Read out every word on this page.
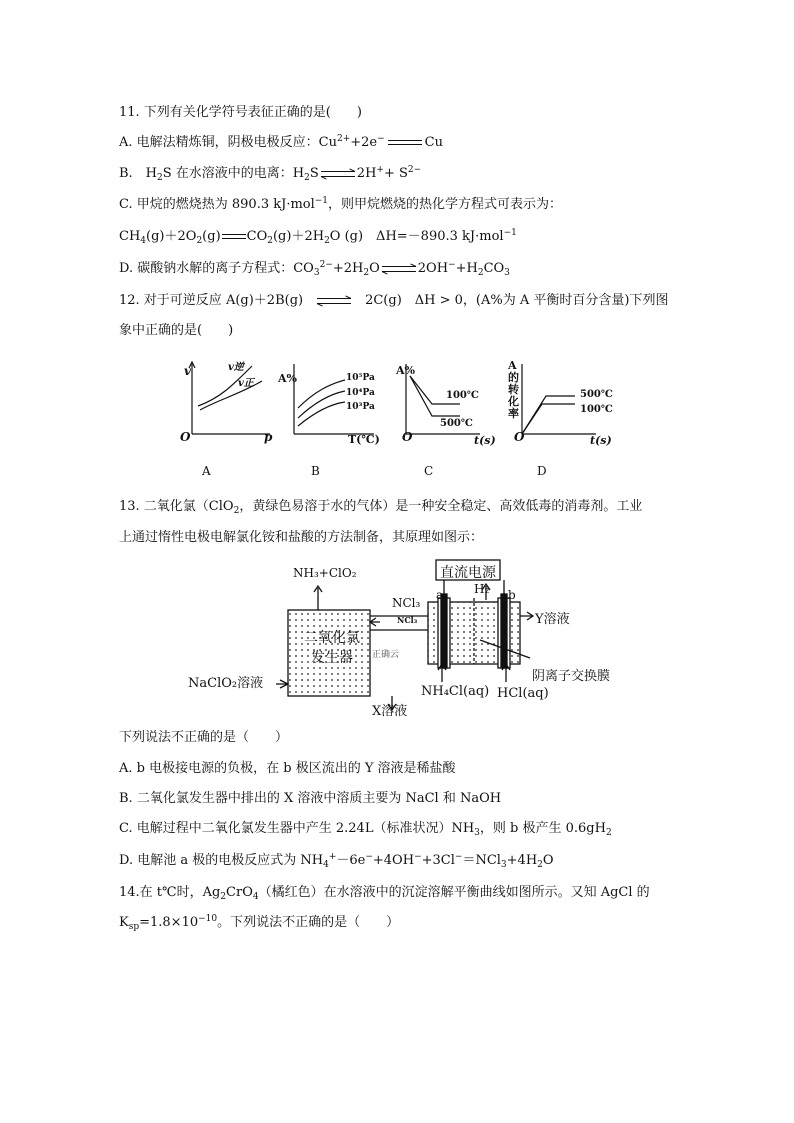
11. 下列有关化学符号表征正确的是(　　)
A. 电解法精炼铜，阴极电极反应：$Cu^{2+}+2e^-$	Cu
B.　$H_2S$ 在水溶液中的电离：$H_2S$	$2H^++ S^{2-}$
C. 甲烷的燃烧热为 890.3 kJ·mol$^{-1}$，则甲烷燃烧的热化学方程式可表示为：
$CH_4(g)+2O_2(g)$ $CO_2(g)+2H_2O$ (g)　ΔH=－890.3 kJ·mol$^{-1}$
D. 碳酸钠水解的离子方程式：$CO_3^{2-}+2H_2O$	$2OH^-+H_2CO_3$
12. 对于可逆反应 A(g)＋2B(g)	2C(g)　ΔH > 0，(A%为 A 平衡时百分含量)下列图
象中正确的是(　　)
v	v逆
v正
O	p
A
A%	10⁵Pa
10⁴Pa
10³Pa
T(℃)
B
A%
100℃
500℃
O	t(s)
C
A的转化率
500℃
100℃
O	t(s)
D
13. 二氧化氯（ClO$_2$，黄绿色易溶于水的气体）是一种安全稳定、高效低毒的消毒剂。工业
上通过惰性电极电解氯化铵和盐酸的方法制备，其原理如图示：
NH₃+ClO₂
二氧化氯发生器	正确云
NCl₃
NCl₃
直流电源
a	b
H₂
Y溶液
NaClO₂溶液
X溶液
NH₄Cl(aq) HCl(aq)
阴离子交换膜
下列说法不正确的是（　　）
A. b 电极接电源的负极，在 b 极区流出的 Y 溶液是稀盐酸
B. 二氧化氯发生器中排出的 X 溶液中溶质主要为 NaCl 和 NaOH
C. 电解过程中二氧化氯发生器中产生 2.24L（标准状况）$NH_3$，则 b 极产生 $0.6gH_2$
D. 电解池 a 极的电极反应式为 $NH_4^+-6e^-+4OH^-+3Cl^-=NCl_3+4H_2O$
14.在 t℃时，$Ag_2CrO_4$（橘红色）在水溶液中的沉淀溶解平衡曲线如图所示。又知 AgCl 的
$K_{sp}=1.8\times 10^{-10}$。下列说法不正确的是（　　）
